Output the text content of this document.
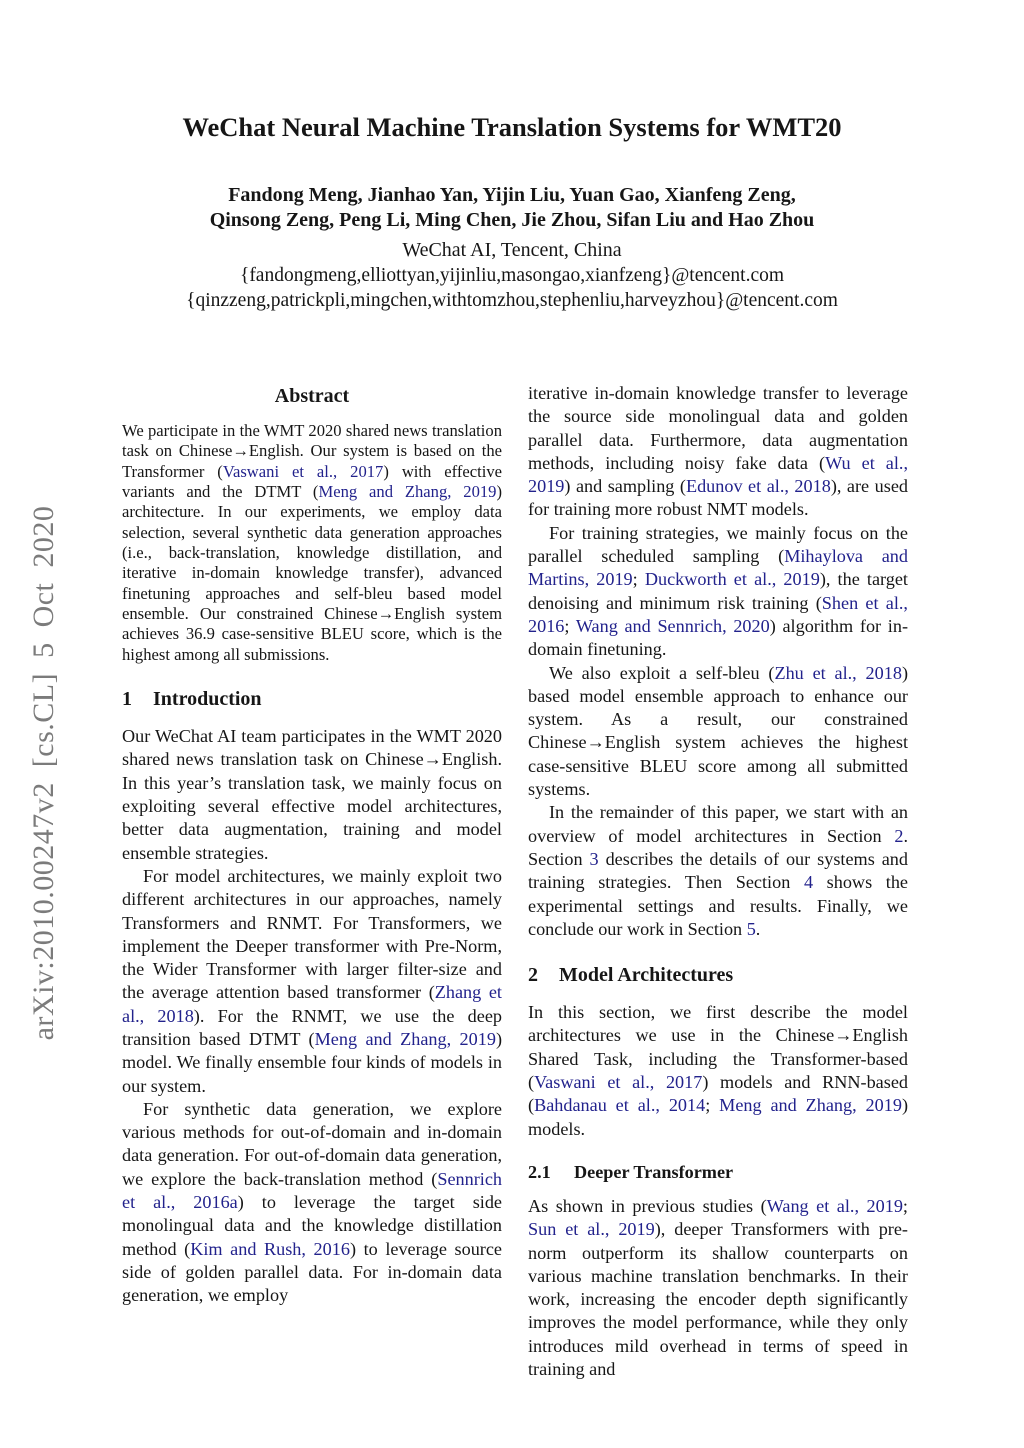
arXiv:2010.00247v2 [cs.CL] 5 Oct 2020
WeChat Neural Machine Translation Systems for WMT20
Fandong Meng, Jianhao Yan, Yijin Liu, Yuan Gao, Xianfeng Zeng,
Qinsong Zeng, Peng Li, Ming Chen, Jie Zhou, Sifan Liu and Hao Zhou
WeChat AI, Tencent, China
{fandongmeng,elliottyan,yijinliu,masongao,xianfzeng}@tencent.com
{qinzzeng,patrickpli,mingchen,withtomzhou,stephenliu,harveyzhou}@tencent.com
Abstract

We participate in the WMT 2020 shared news translation task on Chinese→English. Our system is based on the Transformer (Vaswani et al., 2017) with effective variants and the DTMT (Meng and Zhang, 2019) architecture. In our experiments, we employ data selection, several synthetic data generation approaches (i.e., back-translation, knowledge distillation, and iterative in-domain knowledge transfer), advanced finetuning approaches and self-bleu based model ensemble. Our constrained Chinese→English system achieves 36.9 case-sensitive BLEU score, which is the highest among all submissions.

1 Introduction

Our WeChat AI team participates in the WMT 2020 shared news translation task on Chinese→English. In this year’s translation task, we mainly focus on exploiting several effective model architectures, better data augmentation, training and model ensemble strategies.

For model architectures, we mainly exploit two different architectures in our approaches, namely Transformers and RNMT. For Transformers, we implement the Deeper transformer with Pre-Norm, the Wider Transformer with larger filter-size and the average attention based transformer (Zhang et al., 2018). For the RNMT, we use the deep transition based DTMT (Meng and Zhang, 2019) model. We finally ensemble four kinds of models in our system.

For synthetic data generation, we explore various methods for out-of-domain and in-domain data generation. For out-of-domain data generation, we explore the back-translation method (Sennrich et al., 2016a) to leverage the target side monolingual data and the knowledge distillation method (Kim and Rush, 2016) to leverage source side of golden parallel data. For in-domain data generation, we employ

iterative in-domain knowledge transfer to leverage the source side monolingual data and golden parallel data. Furthermore, data augmentation methods, including noisy fake data (Wu et al., 2019) and sampling (Edunov et al., 2018), are used for training more robust NMT models.

For training strategies, we mainly focus on the parallel scheduled sampling (Mihaylova and Martins, 2019; Duckworth et al., 2019), the target denoising and minimum risk training (Shen et al., 2016; Wang and Sennrich, 2020) algorithm for in-domain finetuning.

We also exploit a self-bleu (Zhu et al., 2018) based model ensemble approach to enhance our system. As a result, our constrained Chinese→English system achieves the highest case-sensitive BLEU score among all submitted systems.

In the remainder of this paper, we start with an overview of model architectures in Section 2. Section 3 describes the details of our systems and training strategies. Then Section 4 shows the experimental settings and results. Finally, we conclude our work in Section 5.

2 Model Architectures

In this section, we first describe the model architectures we use in the Chinese→English Shared Task, including the Transformer-based (Vaswani et al., 2017) models and RNN-based (Bahdanau et al., 2014; Meng and Zhang, 2019) models.

2.1 Deeper Transformer

As shown in previous studies (Wang et al., 2019; Sun et al., 2019), deeper Transformers with pre-norm outperform its shallow counterparts on various machine translation benchmarks. In their work, increasing the encoder depth significantly improves the model performance, while they only introduces mild overhead in terms of speed in training and
